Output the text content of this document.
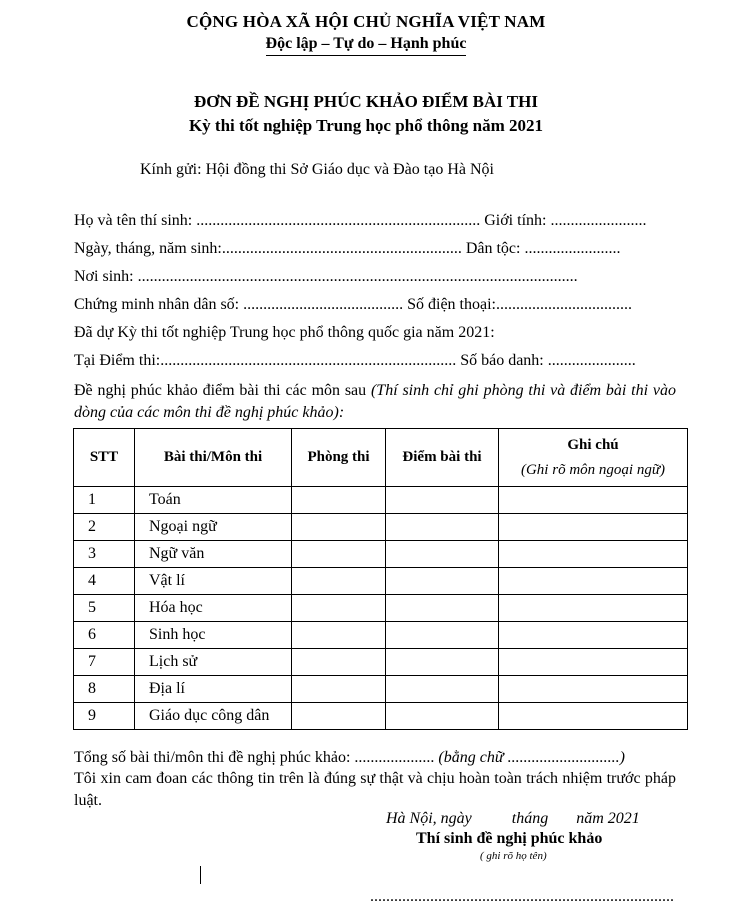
CỘNG HÒA XÃ HỘI CHỦ NGHĨA VIỆT NAM
Độc lập – Tự do – Hạnh phúc
ĐƠN ĐỀ NGHỊ PHÚC KHẢO ĐIỂM BÀI THI
Kỳ thi tốt nghiệp Trung học phổ thông năm 2021
Kính gửi: Hội đồng thi Sở Giáo dục và Đào tạo Hà Nội
Họ và tên thí sinh: ....................................................................... Giới tính: ........................
Ngày, tháng, năm sinh:............................................................ Dân tộc: ........................
Nơi sinh: ..............................................................................................................
Chứng minh nhân dân số: ........................................ Số điện thoại:..................................
Đã dự Kỳ thi tốt nghiệp Trung học phổ thông quốc gia năm 2021:
Tại Điểm thi:.......................................................................... Số báo danh: ......................
Đề nghị phúc khảo điểm bài thi các môn sau (Thí sinh chỉ ghi phòng thi và điểm bài thi vào dòng của các môn thi đề nghị phúc khảo):
STT	Bài thi/Môn thi	Phòng thi	Điểm bài thi	Ghi chú
(Ghi rõ môn ngoại ngữ)

1	Toán			
2	Ngoại ngữ			
3	Ngữ văn			
4	Vật lí			
5	Hóa học			
6	Sinh học			
7	Lịch sử			
8	Địa lí			
9	Giáo dục công dân			
Tổng số bài thi/môn thi đề nghị phúc khảo: .................... (bằng chữ ............................)
Tôi xin cam đoan các thông tin trên là đúng sự thật và chịu hoàn toàn trách nhiệm trước pháp luật.
Hà Nội, ngày          tháng       năm 2021
Thí sinh đề nghị phúc khảo
( ghi rõ họ tên)
............................................................................
